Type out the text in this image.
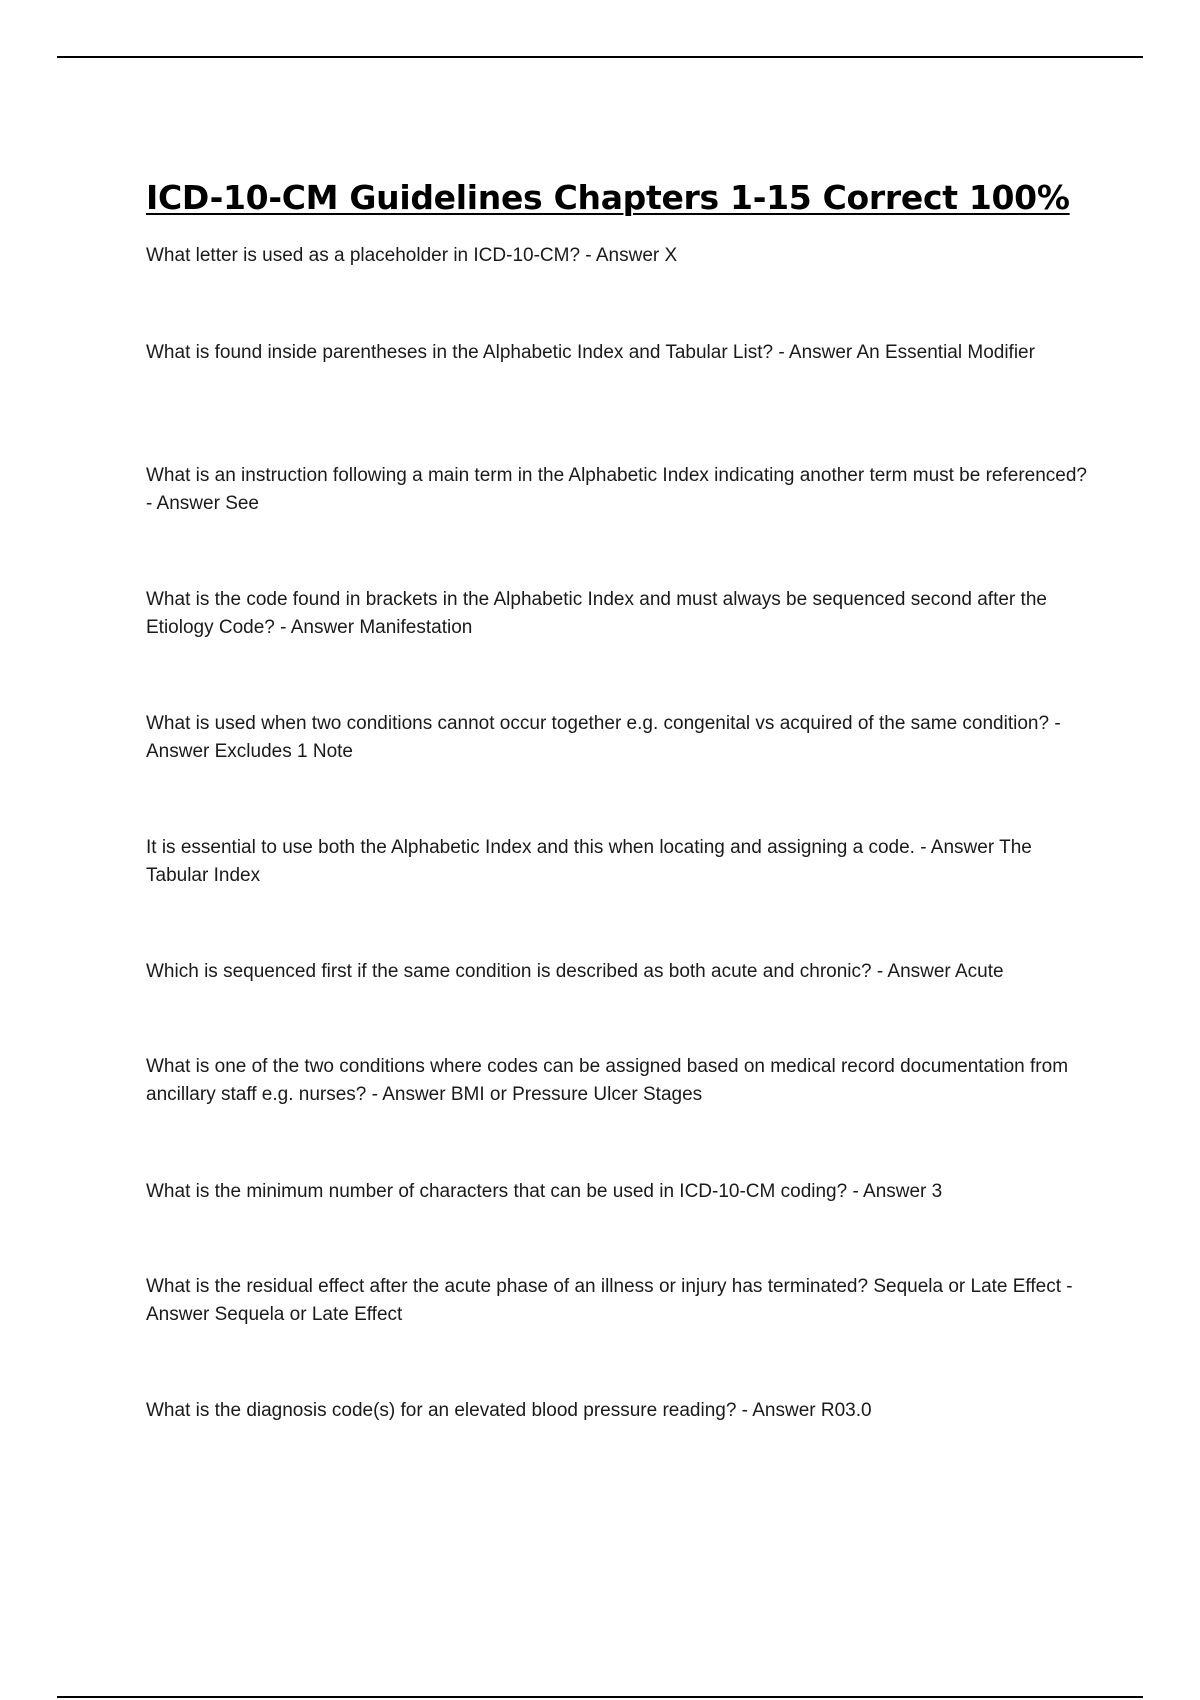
ICD-10-CM Guidelines Chapters 1-15 Correct 100%

What letter is used as a placeholder in ICD-10-CM? - Answer X

What is found inside parentheses in the Alphabetic Index and Tabular List? - Answer An Essential Modifier

What is an instruction following a main term in the Alphabetic Index indicating another term must be referenced? - Answer See

What is the code found in brackets in the Alphabetic Index and must always be sequenced second after the Etiology Code? - Answer Manifestation

What is used when two conditions cannot occur together e.g. congenital vs acquired of the same condition? - Answer Excludes 1 Note

It is essential to use both the Alphabetic Index and this when locating and assigning a code. - Answer The Tabular Index

Which is sequenced first if the same condition is described as both acute and chronic? - Answer Acute

What is one of the two conditions where codes can be assigned based on medical record documentation from ancillary staff e.g. nurses? - Answer BMI or Pressure Ulcer Stages

What is the minimum number of characters that can be used in ICD-10-CM coding? - Answer 3

What is the residual effect after the acute phase of an illness or injury has terminated? Sequela or Late Effect - Answer Sequela or Late Effect

What is the diagnosis code(s) for an elevated blood pressure reading? - Answer R03.0
